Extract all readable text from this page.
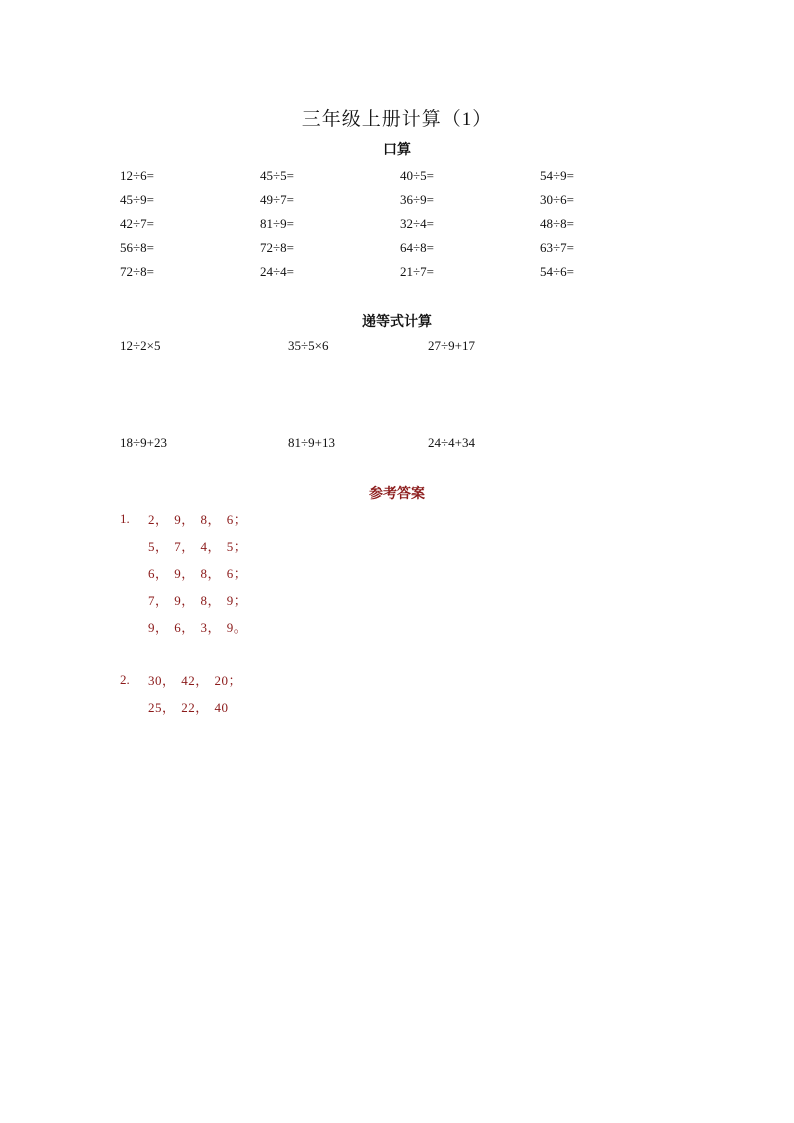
三年级上册计算（1）
口算
12÷6=	45÷5=	40÷5=	54÷9=
45÷9=	49÷7=	36÷9=	30÷6=
42÷7=	81÷9=	32÷4=	48÷8=
56÷8=	72÷8=	64÷8=	63÷7=
72÷8=	24÷4=	21÷7=	54÷6=
递等式计算
12÷2×5	35÷5×6	27÷9+17
18÷9+23	81÷9+13	24÷4+34
参考答案
1.	2， 9， 8， 6；
5， 7， 4， 5；
6， 9， 8， 6；
7， 9， 8， 9；
9， 6， 3， 9。
2.	30， 42， 20；
25， 22， 40
